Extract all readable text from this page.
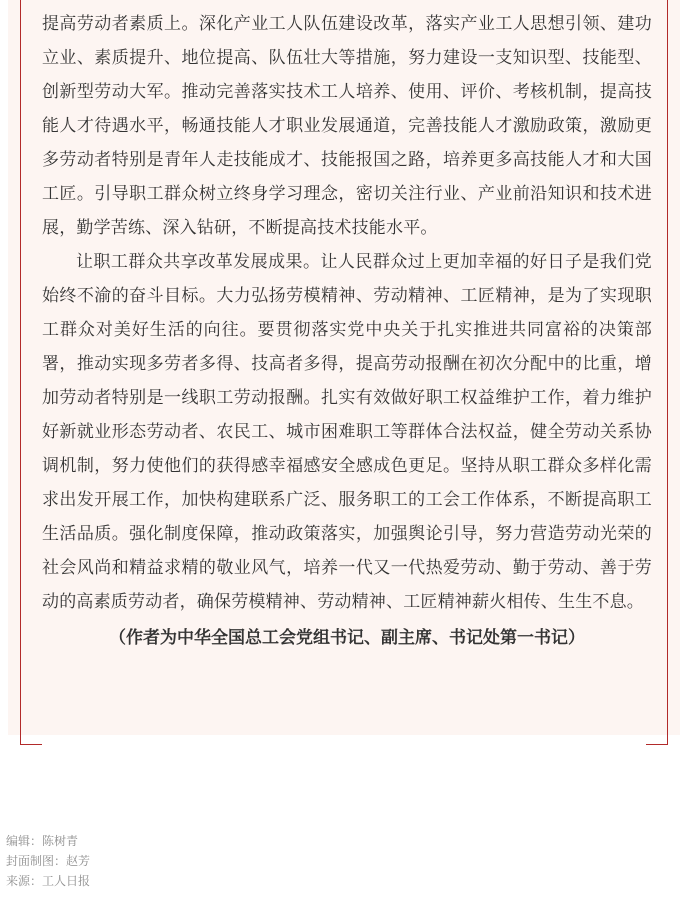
提高劳动者素质上。深化产业工人队伍建设改革，落实产业工人思想引领、建功立业、素质提升、地位提高、队伍壮大等措施，努力建设一支知识型、技能型、创新型劳动大军。推动完善落实技术工人培养、使用、评价、考核机制，提高技能人才待遇水平，畅通技能人才职业发展通道，完善技能人才激励政策，激励更多劳动者特别是青年人走技能成才、技能报国之路，培养更多高技能人才和大国工匠。引导职工群众树立终身学习理念，密切关注行业、产业前沿知识和技术进展，勤学苦练、深入钻研，不断提高技术技能水平。

让职工群众共享改革发展成果。让人民群众过上更加幸福的好日子是我们党始终不渝的奋斗目标。大力弘扬劳模精神、劳动精神、工匠精神，是为了实现职工群众对美好生活的向往。要贯彻落实党中央关于扎实推进共同富裕的决策部署，推动实现多劳者多得、技高者多得，提高劳动报酬在初次分配中的比重，增加劳动者特别是一线职工劳动报酬。扎实有效做好职工权益维护工作，着力维护好新就业形态劳动者、农民工、城市困难职工等群体合法权益，健全劳动关系协调机制，努力使他们的获得感幸福感安全感成色更足。坚持从职工群众多样化需求出发开展工作，加快构建联系广泛、服务职工的工会工作体系，不断提高职工生活品质。强化制度保障，推动政策落实，加强舆论引导，努力营造劳动光荣的社会风尚和精益求精的敬业风气，培养一代又一代热爱劳动、勤于劳动、善于劳动的高素质劳动者，确保劳模精神、劳动精神、工匠精神薪火相传、生生不息。

（作者为中华全国总工会党组书记、副主席、书记处第一书记）

编辑：陈树青
封面制图：赵芳
来源：工人日报
